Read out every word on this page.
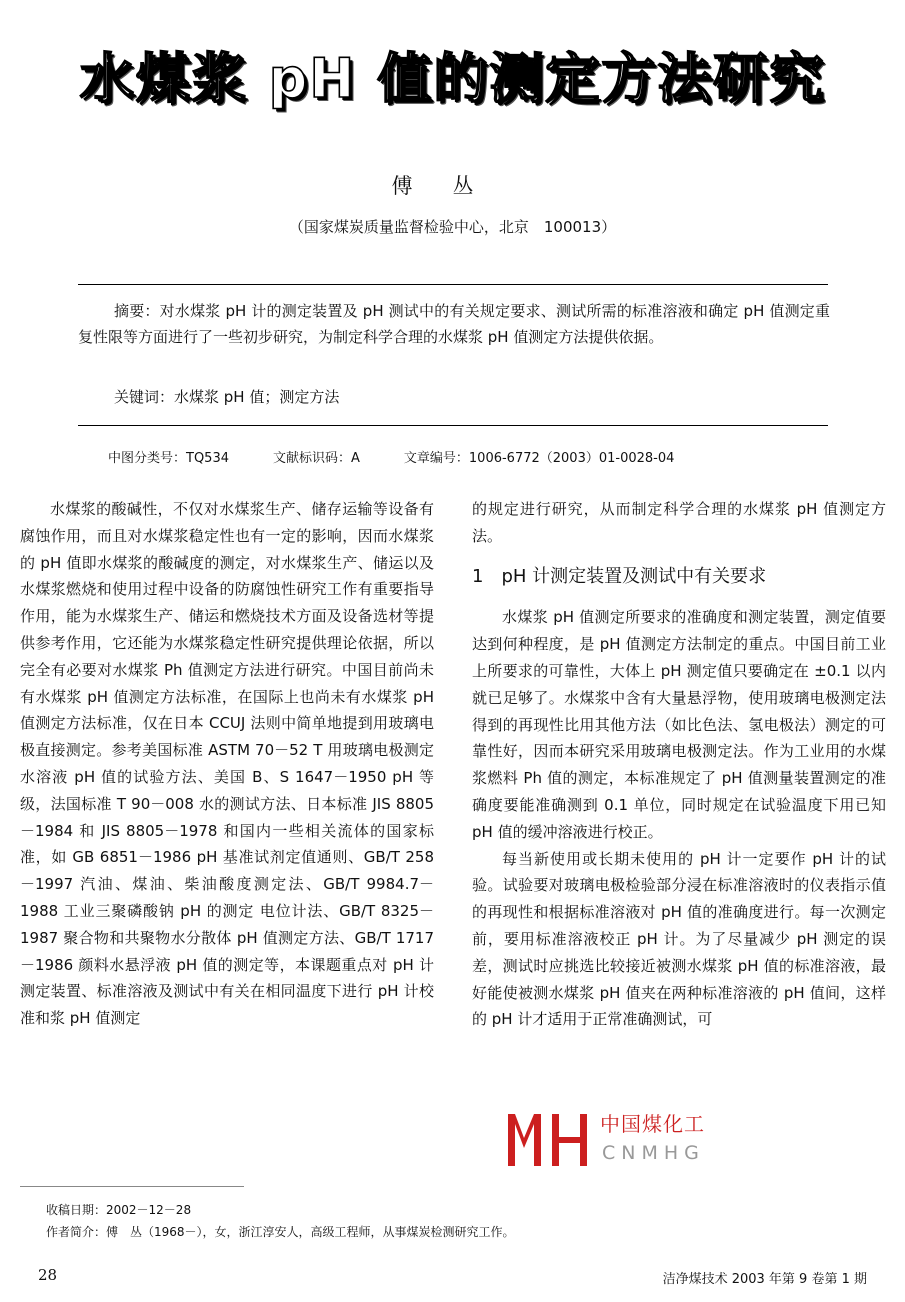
水煤浆 pH 值的测定方法研究

傅丛

（国家煤炭质量监督检验中心，北京　100013）

摘要：对水煤浆 pH 计的测定装置及 pH 测试中的有关规定要求、测试所需的标准溶液和确定 pH 值测定重复性限等方面进行了一些初步研究，为制定科学合理的水煤浆 pH 值测定方法提供依据。

关键词：水煤浆 pH 值；测定方法

中图分类号：TQ534	文献标识码：A	文章编号：1006-6772（2003）01-0028-04

水煤浆的酸碱性，不仅对水煤浆生产、储存运输等设备有腐蚀作用，而且对水煤浆稳定性也有一定的影响，因而水煤浆的 pH 值即水煤浆的酸碱度的测定，对水煤浆生产、储运以及水煤浆燃烧和使用过程中设备的防腐蚀性研究工作有重要指导作用，能为水煤浆生产、储运和燃烧技术方面及设备选材等提供参考作用，它还能为水煤浆稳定性研究提供理论依据，所以完全有必要对水煤浆 Ph 值测定方法进行研究。中国目前尚未有水煤浆 pH 值测定方法标准，在国际上也尚未有水煤浆 pH 值测定方法标准，仅在日本 CCUJ 法则中简单地提到用玻璃电极直接测定。参考美国标准 ASTM 70－52 T 用玻璃电极测定水溶液 pH 值的试验方法、美国 B、S 1647－1950 pH 等级，法国标准 T 90－008 水的测试方法、日本标准 JIS 8805－1984 和 JIS 8805－1978 和国内一些相关流体的国家标准，如 GB 6851－1986 pH 基准试剂定值通则、GB/T 258－1997 汽油、煤油、柴油酸度测定法、GB/T 9984.7－1988 工业三聚磷酸钠 pH 的测定 电位计法、GB/T 8325－1987 聚合物和共聚物水分散体 pH 值测定方法、GB/T 1717－1986 颜料水悬浮液 pH 值的测定等，本课题重点对 pH 计测定装置、标准溶液及测试中有关在相同温度下进行 pH 计校准和浆 pH 值测定

的规定进行研究，从而制定科学合理的水煤浆 pH 值测定方法。

1　pH 计测定装置及测试中有关要求

水煤浆 pH 值测定所要求的准确度和测定装置，测定值要达到何种程度，是 pH 值测定方法制定的重点。中国目前工业上所要求的可靠性，大体上 pH 测定值只要确定在 ±0.1 以内就已足够了。水煤浆中含有大量悬浮物，使用玻璃电极测定法得到的再现性比用其他方法（如比色法、氢电极法）测定的可靠性好，因而本研究采用玻璃电极测定法。作为工业用的水煤浆燃料 Ph 值的测定，本标准规定了 pH 值测量装置测定的准确度要能准确测到 0.1 单位，同时规定在试验温度下用已知 pH 值的缓冲溶液进行校正。

每当新使用或长期未使用的 pH 计一定要作 pH 计的试验。试验要对玻璃电极检验部分浸在标准溶液时的仪表指示值的再现性和根据标准溶液对 pH 值的准确度进行。每一次测定前，要用标准溶液校正 pH 计。为了尽量减少 pH 测定的误差，测试时应挑选比较接近被测水煤浆 pH 值的标准溶液，最好能使被测水煤浆 pH 值夹在两种标准溶液的 pH 值间，这样的 pH 计才适用于正常准确测试，可

中国煤化工

CNMHG

收稿日期：2002－12－28

作者简介：傅　丛（1968－），女，浙江淳安人，高级工程师，从事煤炭检测研究工作。

28	洁净煤技术 2003 年第 9 卷第 1 期
